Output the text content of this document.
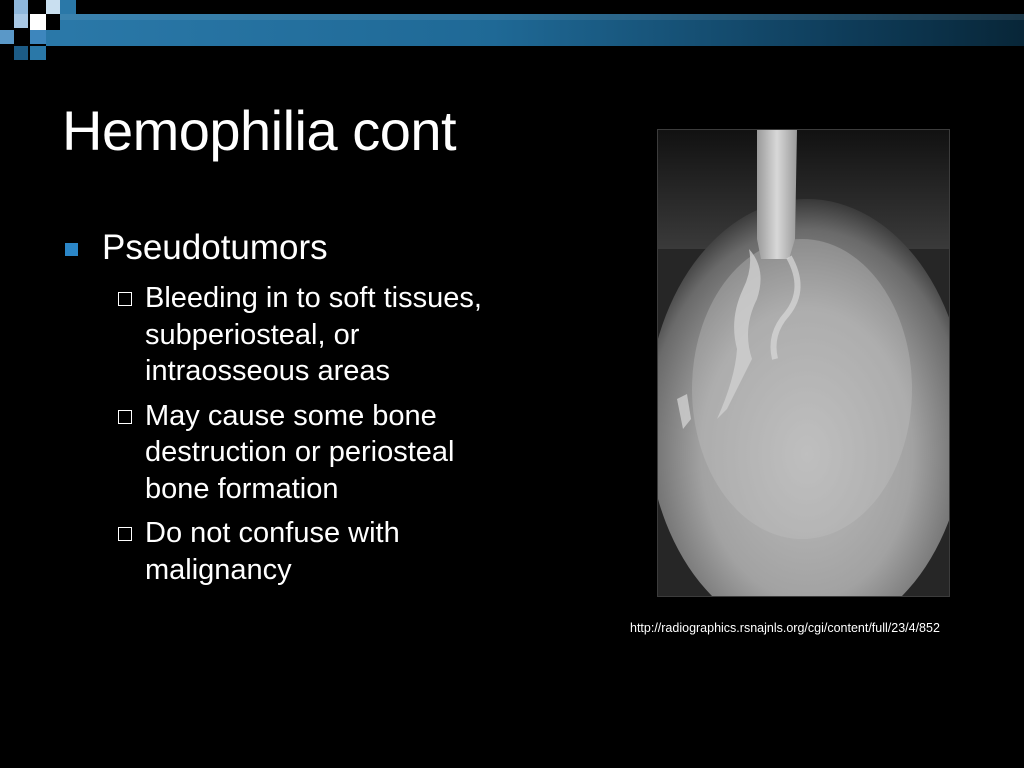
Hemophilia cont
Pseudotumors
Bleeding in to soft tissues, subperiosteal, or intraosseous areas
May cause some bone destruction or periosteal bone formation
Do not confuse with malignancy
http://radiographics.rsnajnls.org/cgi/content/full/23/4/852
